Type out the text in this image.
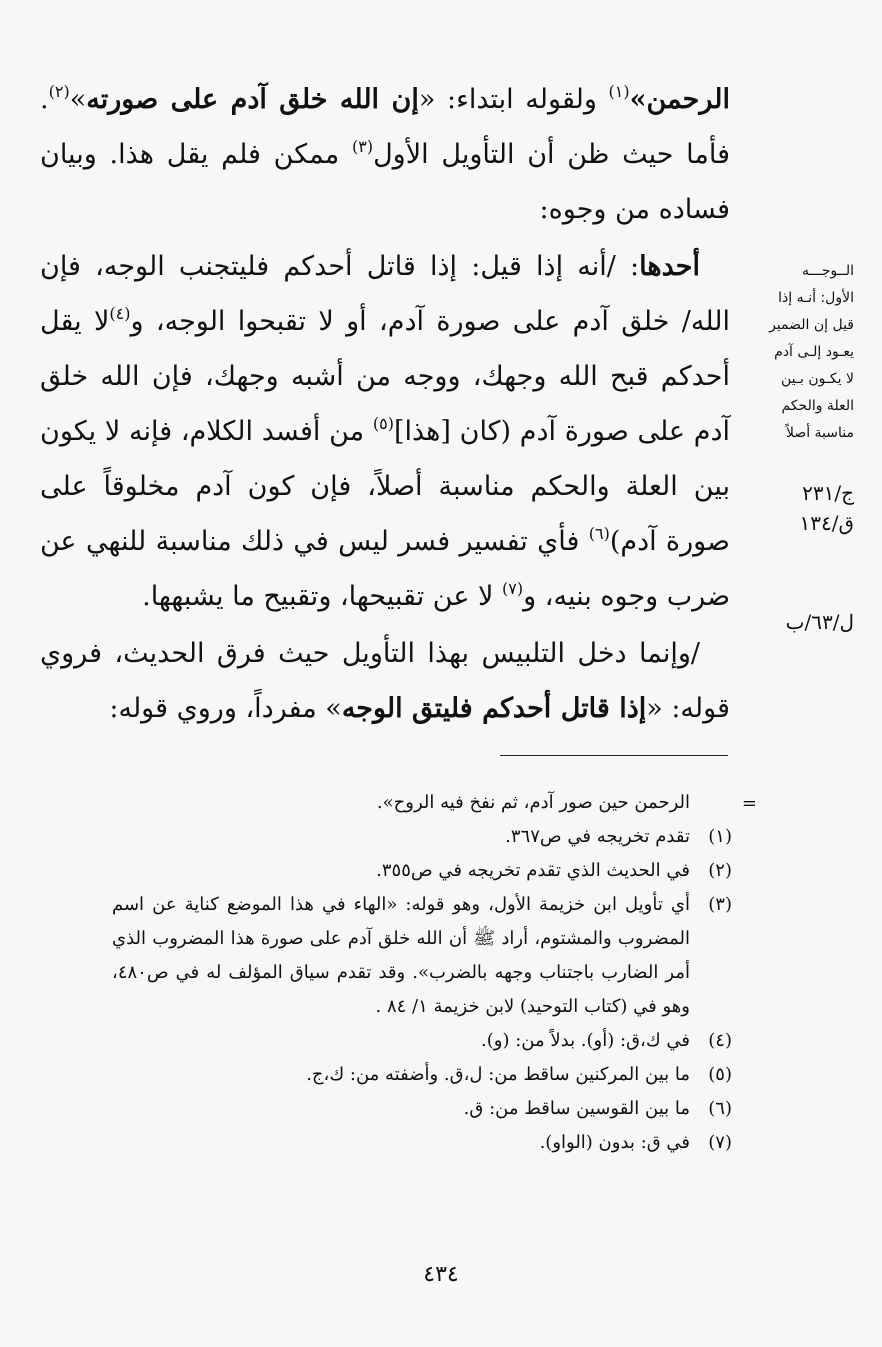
الرحمن»$^{(١)}$ ولقوله ابتداء: «إن الله خلق آدم على صورته»$^{(٢)}$. فأما حيث ظن أن التأويل الأول$^{(٣)}$ ممكن فلم يقل هذا. وبيان فساده من وجوه:

أحدها: /أنه إذا قيل: إذا قاتل أحدكم فليتجنب الوجه، فإن الله/ خلق آدم على صورة آدم، أو لا تقبحوا الوجه، و$^{(٤)}$لا يقل أحدكم قبح الله وجهك، ووجه من أشبه وجهك، فإن الله خلق آدم على صورة آدم (كان [هذا]$^{(٥)}$ من أفسد الكلام، فإنه لا يكون بين العلة والحكم مناسبة أصلاً، فإن كون آدم مخلوقاً على صورة آدم)$^{(٦)}$ فأي تفسير فسر ليس في ذلك مناسبة للنهي عن ضرب وجوه بنيه، و$^{(٧)}$ لا عن تقبيحها، وتقبيح ما يشبهها.

/وإنما دخل التلبيس بهذا التأويل حيث فرق الحديث، فروي قوله: «إذا قاتل أحدكم فليتق الوجه» مفرداً، وروي قوله:

الــوجـــه
الأول: أنـه إذا
قيل إن الضمير
يعـود إلـى آدم
لا يكـون بـين
العلة والحكم
مناسبة أصلاً
ج/٢٣١
ق/١٣٤
ل/٦٣/ب
=
الرحمن حين صور آدم، ثم نفخ فيه الروح».
(١)
تقدم تخريجه في ص٣٦٧.
(٢)
في الحديث الذي تقدم تخريجه في ص٣٥٥.
(٣)
أي تأويل ابن خزيمة الأول، وهو قوله: «الهاء في هذا الموضع كناية عن اسم المضروب والمشتوم، أراد ﷺ أن الله خلق آدم على صورة هذا المضروب الذي أمر الضارب باجتناب وجهه بالضرب». وقد تقدم سياق المؤلف له في ص٤٨٠، وهو في (كتاب التوحيد) لابن خزيمة ١/ ٨٤ .
(٤)
في ك،ق: (أو). بدلاً من: (و).
(٥)
ما بين المركنين ساقط من: ل،ق. وأضفته من: ك،ج.
(٦)
ما بين القوسين ساقط من: ق.
(٧)
في ق: بدون (الواو).
٤٣٤
